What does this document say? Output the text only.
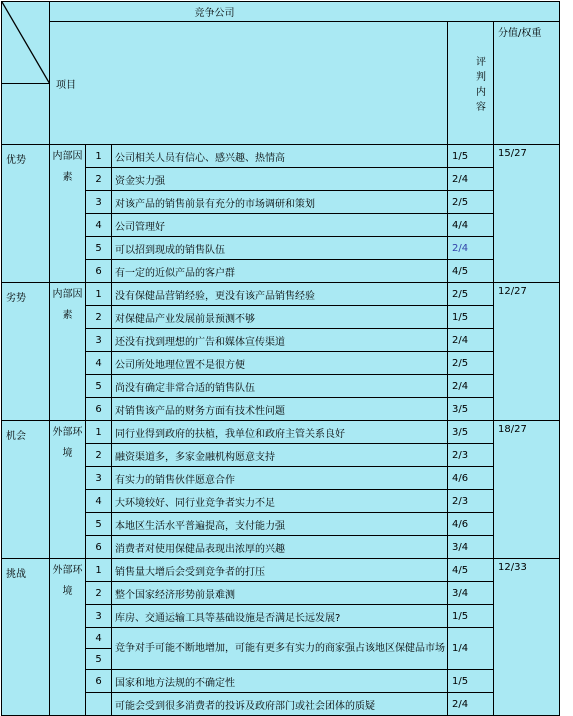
	竞争公司					
	项目			评判内容	分值/权重	

优势	内部因素	1	公司相关人员有信心、感兴趣、热情高	1/5	15/27	
		2	资金实力强	2/4		
		3	对该产品的销售前景有充分的市场调研和策划	2/5		
		4	公司管理好	4/4		
		5	可以招到现成的销售队伍	2/4		
		6	有一定的近似产品的客户群	4/5		
劣势	内部因素	1	没有保健品营销经验，更没有该产品销售经验	2/5	12/27	
		2	对保健品产业发展前景预测不够	1/5		
		3	还没有找到理想的广告和媒体宣传渠道	2/4		
		4	公司所处地理位置不是很方便	2/5		
		5	尚没有确定非常合适的销售队伍	2/4		
		6	对销售该产品的财务方面有技术性问题	3/5		
机会	外部环境	1	同行业得到政府的扶植，我单位和政府主管关系良好	3/5	18/27	
		2	融资渠道多，多家金融机构愿意支持	2/3		
		3	有实力的销售伙伴愿意合作	4/6		
		4	大环境较好、同行业竞争者实力不足	2/3		
		5	本地区生活水平普遍提高，支付能力强	4/6		
		6	消费者对使用保健品表现出浓厚的兴趣	3/4		
挑战	外部环境	1	销售量大增后会受到竞争者的打压	4/5	12/33	
		2	整个国家经济形势前景难测	3/4		
		3	库房、交通运输工具等基础设施是否满足长远发展?	1/5		
		4	竞争对手可能不断地增加，可能有更多有实力的商家强占该地区保健品市场	1/4		
		5				
		6	国家和地方法规的不确定性	1/5		
			可能会受到很多消费者的投诉及政府部门或社会团体的质疑	2/4		
